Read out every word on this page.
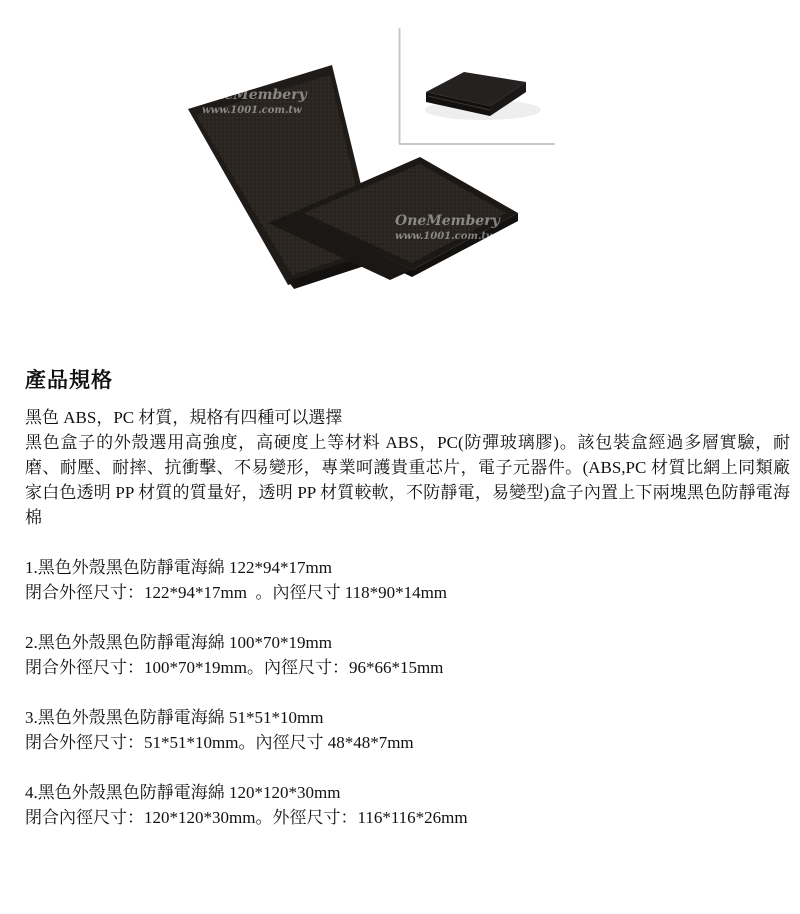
OneMembery
www.1001.com.tw
OneMembery
www.1001.com.tw
產品規格

黑色 ABS，PC 材質，規格有四種可以選擇

黑色盒子的外殼選用高強度，高硬度上等材料 ABS，PC(防彈玻璃膠)。該包裝盒經過多層實驗，耐磨、耐壓、耐摔、抗衝擊、不易變形，專業呵護貴重芯片，電子元器件。(ABS,PC 材質比網上同類廠家白色透明 PP 材質的質量好，透明 PP 材質較軟，不防靜電，易變型)盒子內置上下兩塊黑色防靜電海棉

1.黑色外殼黑色防靜電海綿 122*94*17mm

閉合外徑尺寸：122*94*17mm  。內徑尺寸 118*90*14mm

2.黑色外殼黑色防靜電海綿 100*70*19mm

閉合外徑尺寸：100*70*19mm。內徑尺寸：96*66*15mm

3.黑色外殼黑色防靜電海綿 51*51*10mm

閉合外徑尺寸：51*51*10mm。內徑尺寸 48*48*7mm

4.黑色外殼黑色防靜電海綿 120*120*30mm

閉合內徑尺寸：120*120*30mm。外徑尺寸：116*116*26mm
